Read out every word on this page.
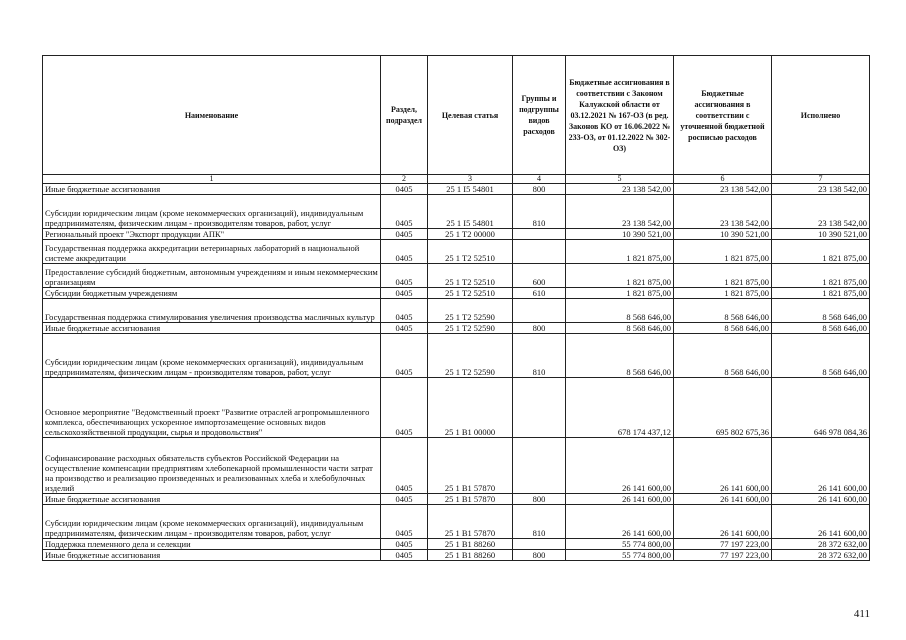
Наименование	Раздел, подраздел	Целевая статья	Группы и подгруппы видов расходов	Бюджетные ассигнования в соответствии с Законом Калужской области от 03.12.2021 № 167-ОЗ (в ред. Законов КО от 16.06.2022 № 233-ОЗ, от 01.12.2022 № 302-ОЗ)	Бюджетные ассигнования в соответствии с уточненной бюджетной росписью расходов	Исполнено
1	2	3	4	5	6	7
Иные бюджетные ассигнования	0405	25 1 I5 54801	800	23 138 542,00	23 138 542,00	23 138 542,00
Субсидии юридическим лицам (кроме некоммерческих организаций), индивидуальным предпринимателям, физическим лицам - производителям товаров, работ, услуг	0405	25 1 I5 54801	810	23 138 542,00	23 138 542,00	23 138 542,00
Региональный проект "Экспорт продукции АПК"	0405	25 1 T2 00000		10 390 521,00	10 390 521,00	10 390 521,00
Государственная поддержка аккредитации ветеринарных лабораторий в национальной системе аккредитации	0405	25 1 T2 52510		1 821 875,00	1 821 875,00	1 821 875,00
Предоставление субсидий бюджетным, автономным учреждениям и иным некоммерческим организациям	0405	25 1 T2 52510	600	1 821 875,00	1 821 875,00	1 821 875,00
Субсидии бюджетным учреждениям	0405	25 1 T2 52510	610	1 821 875,00	1 821 875,00	1 821 875,00
Государственная поддержка стимулирования увеличения производства масличных культур	0405	25 1 T2 52590		8 568 646,00	8 568 646,00	8 568 646,00
Иные бюджетные ассигнования	0405	25 1 T2 52590	800	8 568 646,00	8 568 646,00	8 568 646,00
Субсидии юридическим лицам (кроме некоммерческих организаций), индивидуальным предпринимателям, физическим лицам - производителям товаров, работ, услуг	0405	25 1 T2 52590	810	8 568 646,00	8 568 646,00	8 568 646,00
Основное мероприятие "Ведомственный проект "Развитие отраслей агропромышленного комплекса, обеспечивающих ускоренное импортозамещение основных видов сельскохозяйственной продукции, сырья и продовольствия"	0405	25 1 B1 00000		678 174 437,12	695 802 675,36	646 978 084,36
Софинансирование расходных обязательств субъектов Российской Федерации на осуществление компенсации предприятиям хлебопекарной промышленности части затрат на производство и реализацию произведенных и реализованных хлеба и хлебобулочных изделий	0405	25 1 B1 57870		26 141 600,00	26 141 600,00	26 141 600,00
Иные бюджетные ассигнования	0405	25 1 B1 57870	800	26 141 600,00	26 141 600,00	26 141 600,00
Субсидии юридическим лицам (кроме некоммерческих организаций), индивидуальным предпринимателям, физическим лицам - производителям товаров, работ, услуг	0405	25 1 B1 57870	810	26 141 600,00	26 141 600,00	26 141 600,00
Поддержка племенного дела и селекции	0405	25 1 B1 88260		55 774 800,00	77 197 223,00	28 372 632,00
Иные бюджетные ассигнования	0405	25 1 B1 88260	800	55 774 800,00	77 197 223,00	28 372 632,00
411
